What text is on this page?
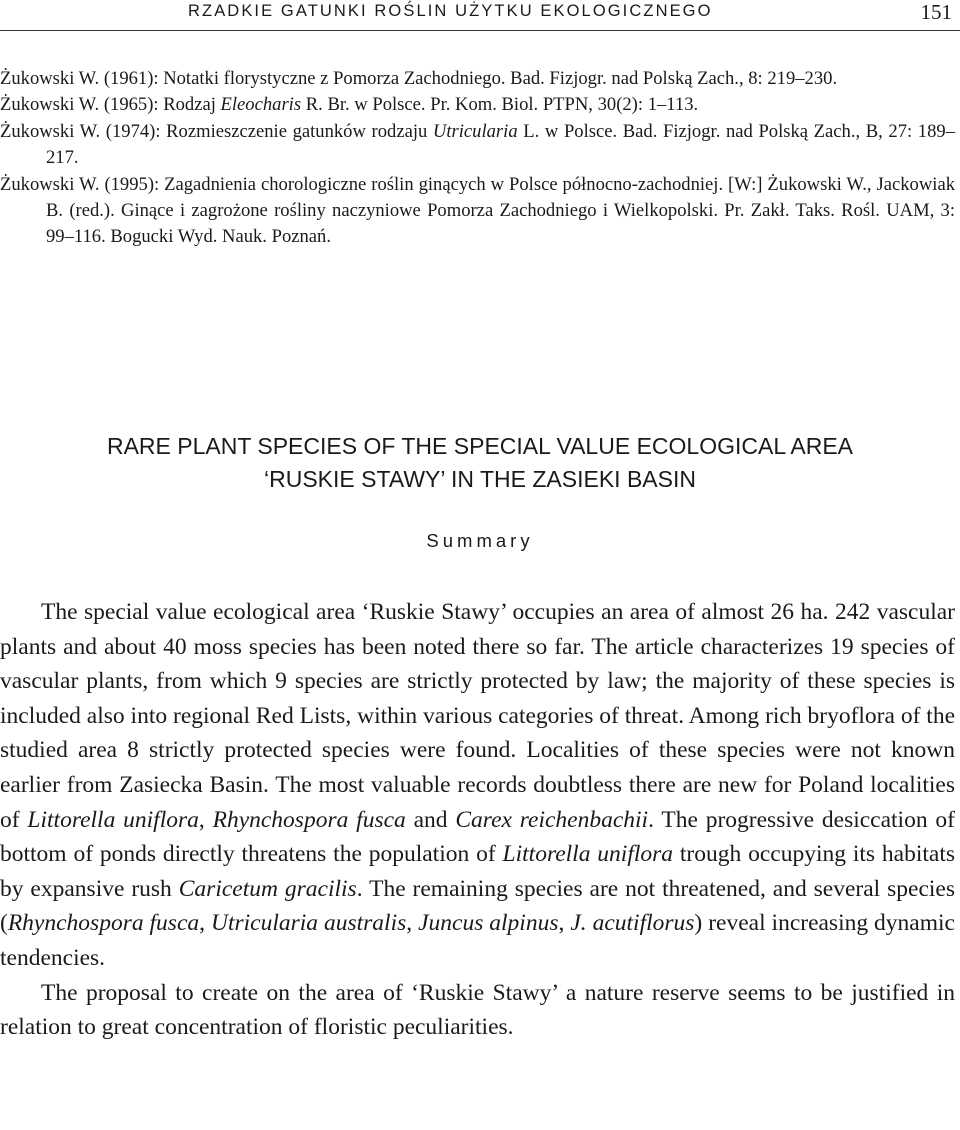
RZADKIE GATUNKI ROŚLIN UŻYTKU EKOLOGICZNEGO	151
Żukowski W. (1961): Notatki florystyczne z Pomorza Zachodniego. Bad. Fizjogr. nad Polską Zach., 8: 219–230.
Żukowski W. (1965): Rodzaj Eleocharis R. Br. w Polsce. Pr. Kom. Biol. PTPN, 30(2): 1–113.
Żukowski W. (1974): Rozmieszczenie gatunków rodzaju Utricularia L. w Polsce. Bad. Fizjogr. nad Polską Zach., B, 27: 189–217.
Żukowski W. (1995): Zagadnienia chorologiczne roślin ginących w Polsce północno-zachodniej. [W:] Żukowski W., Jackowiak B. (red.). Ginące i zagrożone rośliny naczyniowe Pomorza Zachodniego i Wielkopolski. Pr. Zakł. Taks. Rośl. UAM, 3: 99–116. Bogucki Wyd. Nauk. Poznań.
RARE PLANT SPECIES OF THE SPECIAL VALUE ECOLOGICAL AREA
‘RUSKIE STAWY’ IN THE ZASIEKI BASIN
Summary

The special value ecological area ‘Ruskie Stawy’ occupies an area of almost 26 ha. 242 vascular plants and about 40 moss species has been noted there so far. The article characterizes 19 species of vascular plants, from which 9 species are strictly protected by law; the majority of these species is included also into regional Red Lists, within various categories of threat. Among rich bryoflora of the studied area 8 strictly protected species were found. Localities of these species were not known earlier from Zasiecka Basin. The most valuable records doubtless there are new for Poland localities of Littorella uniflora, Rhynchospora fusca and Carex reichenbachii. The progressive desiccation of bottom of ponds directly threatens the population of Littorella uniflora trough occupying its habitats by expansive rush Caricetum gracilis. The remaining species are not threatened, and several species (Rhynchospora fusca, Utricularia australis, Juncus alpinus, J. acutiflorus) reveal increasing dynamic tendencies.

The proposal to create on the area of ‘Ruskie Stawy’ a nature reserve seems to be justified in relation to great concentration of floristic peculiarities.
